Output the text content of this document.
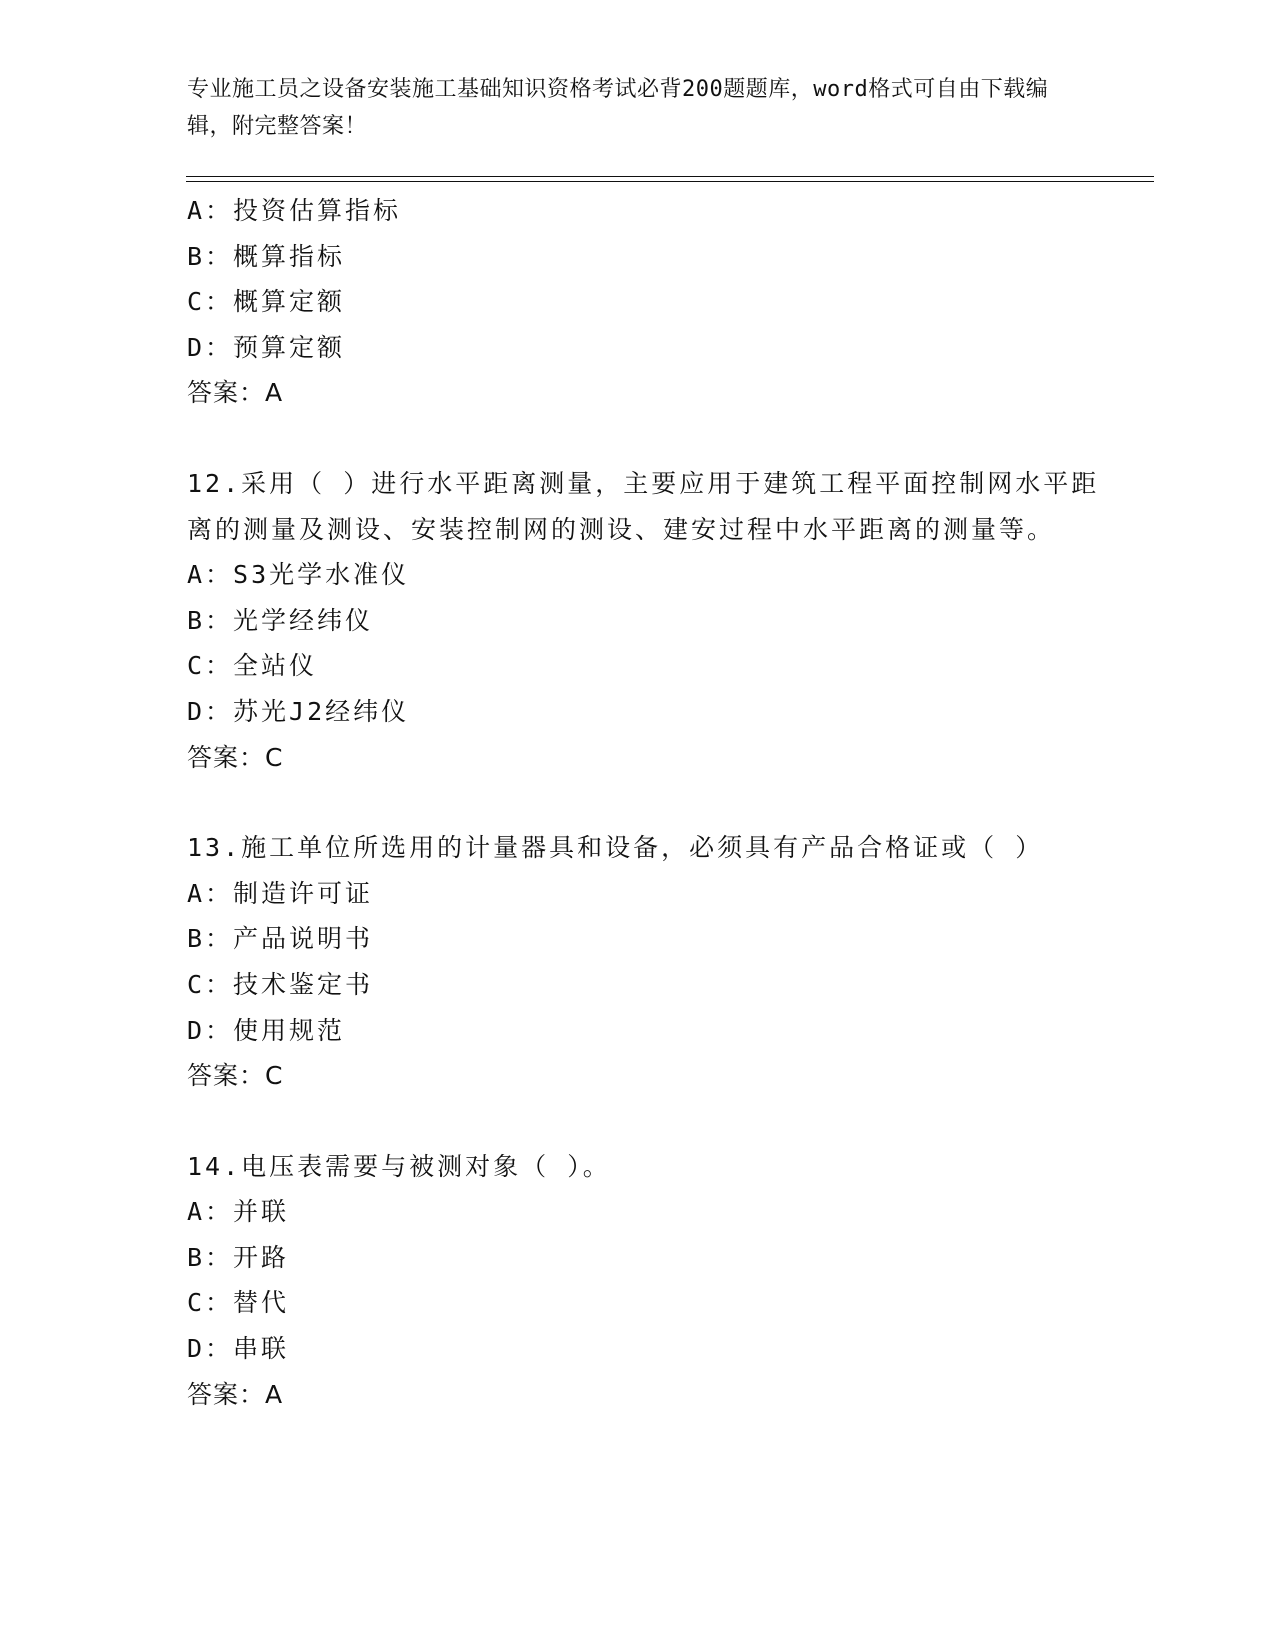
专业施工员之设备安装施工基础知识资格考试必背200题题库，word格式可自由下载编辑，附完整答案！
A：投资估算指标
B：概算指标
C：概算定额
D：预算定额
答案：A
12.采用（ ）进行水平距离测量，主要应用于建筑工程平面控制网水平距离的测量及测设、安装控制网的测设、建安过程中水平距离的测量等。
A：S3光学水准仪
B：光学经纬仪
C：全站仪
D：苏光J2经纬仪
答案：C
13.施工单位所选用的计量器具和设备，必须具有产品合格证或（ ）
A：制造许可证
B：产品说明书
C：技术鉴定书
D：使用规范
答案：C
14.电压表需要与被测对象（ ）。
A：并联
B：开路
C：替代
D：串联
答案：A
